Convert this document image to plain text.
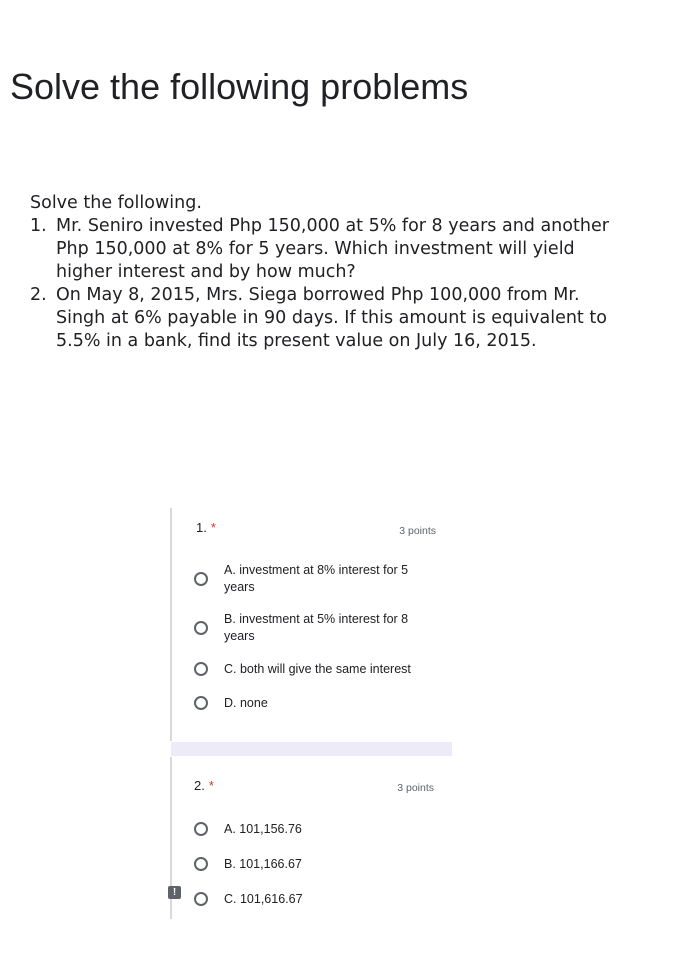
Solve the following problems

Solve the following.

1. Mr. Seniro invested Php 150,000 at 5% for 8 years and another
Php 150,000 at 8% for 5 years. Which investment will yield
higher interest and by how much?
2. On May 8, 2015, Mrs. Siega borrowed Php 100,000 from Mr.
Singh at 6% payable in 90 days. If this amount is equivalent to
5.5% in a bank, find its present value on July 16, 2015.
1. *	3 points
A. investment at 8% interest for 5
years
B. investment at 5% interest for 8
years
C. both will give the same interest
D. none
2. *	3 points
A. 101,156.76
B. 101,166.67
C. 101,616.67
!
